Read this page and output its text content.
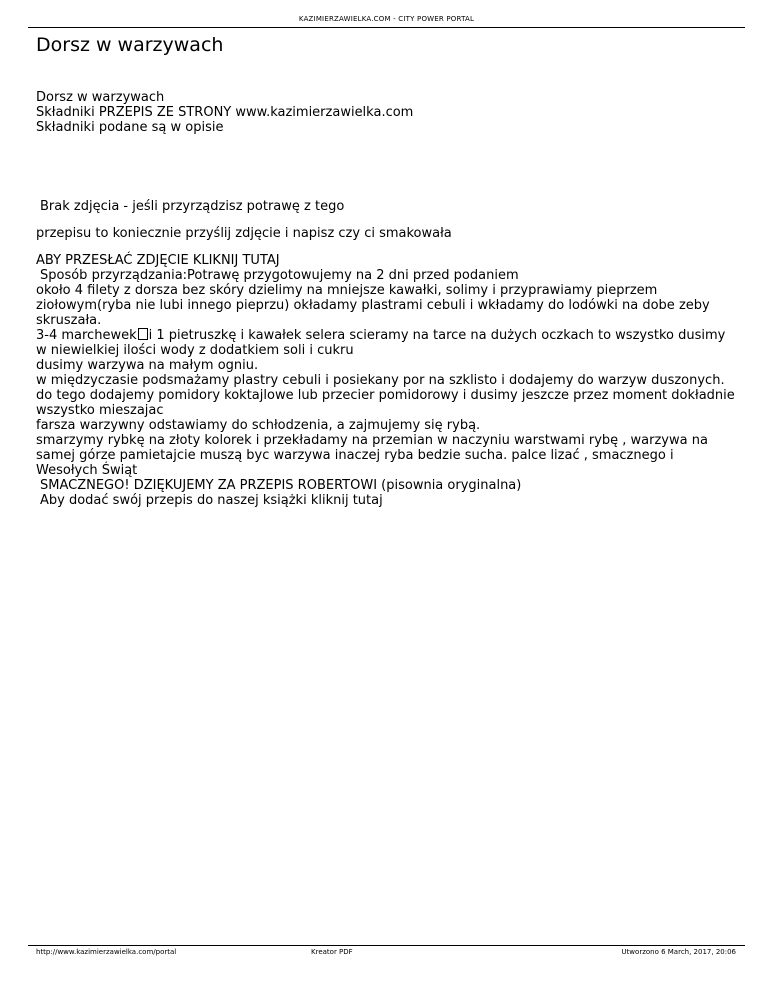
KAZIMIERZAWIELKA.COM - CITY POWER PORTAL
Dorsz w warzywach
Dorsz w warzywach
Składniki PRZEPIS ZE STRONY www.kazimierzawielka.com
Składniki podane są w opisie
Brak zdjęcia - jeśli przyrządzisz potrawę z tego
przepisu to koniecznie przyślij zdjęcie i napisz czy ci smakowała
ABY PRZESŁAĆ ZDJĘCIE KLIKNIJ TUTAJ
Sposób przyrządzania:Potrawę przygotowujemy na 2 dni przed podaniem
około 4 filety z dorsza bez skóry dzielimy na mniejsze kawałki, solimy i przyprawiamy pieprzem ziołowym(ryba nie lubi innego pieprzu) okładamy plastrami cebuli i wkładamy do lodówki na dobe zeby skruszała.
3-4 marchewek i 1 pietruszkę i kawałek selera scieramy na tarce na dużych oczkach to wszystko dusimy w niewielkiej ilości wody z dodatkiem soli i cukru
dusimy warzywa na małym ogniu.
w międzyczasie podsmażamy plastry cebuli i posiekany por na szklisto i dodajemy do warzyw duszonych. do tego dodajemy pomidory koktajlowe lub przecier pomidorowy i dusimy jeszcze przez moment dokładnie wszystko mieszajac
farsza warzywny odstawiamy do schłodzenia, a zajmujemy się rybą.
smarzymy rybkę na złoty kolorek i przekładamy na przemian w naczyniu warstwami rybę , warzywa na samej górze pamietajcie muszą byc warzywa inaczej ryba bedzie sucha. palce lizać , smacznego i Wesołych Świąt
SMACZNEGO! DZIĘKUJEMY ZA PRZEPIS ROBERTOWI (pisownia oryginalna)
Aby dodać swój przepis do naszej książki kliknij tutaj
http://www.kazimierzawielka.com/portal	Kreator PDF	Utworzono 6 March, 2017, 20:06
